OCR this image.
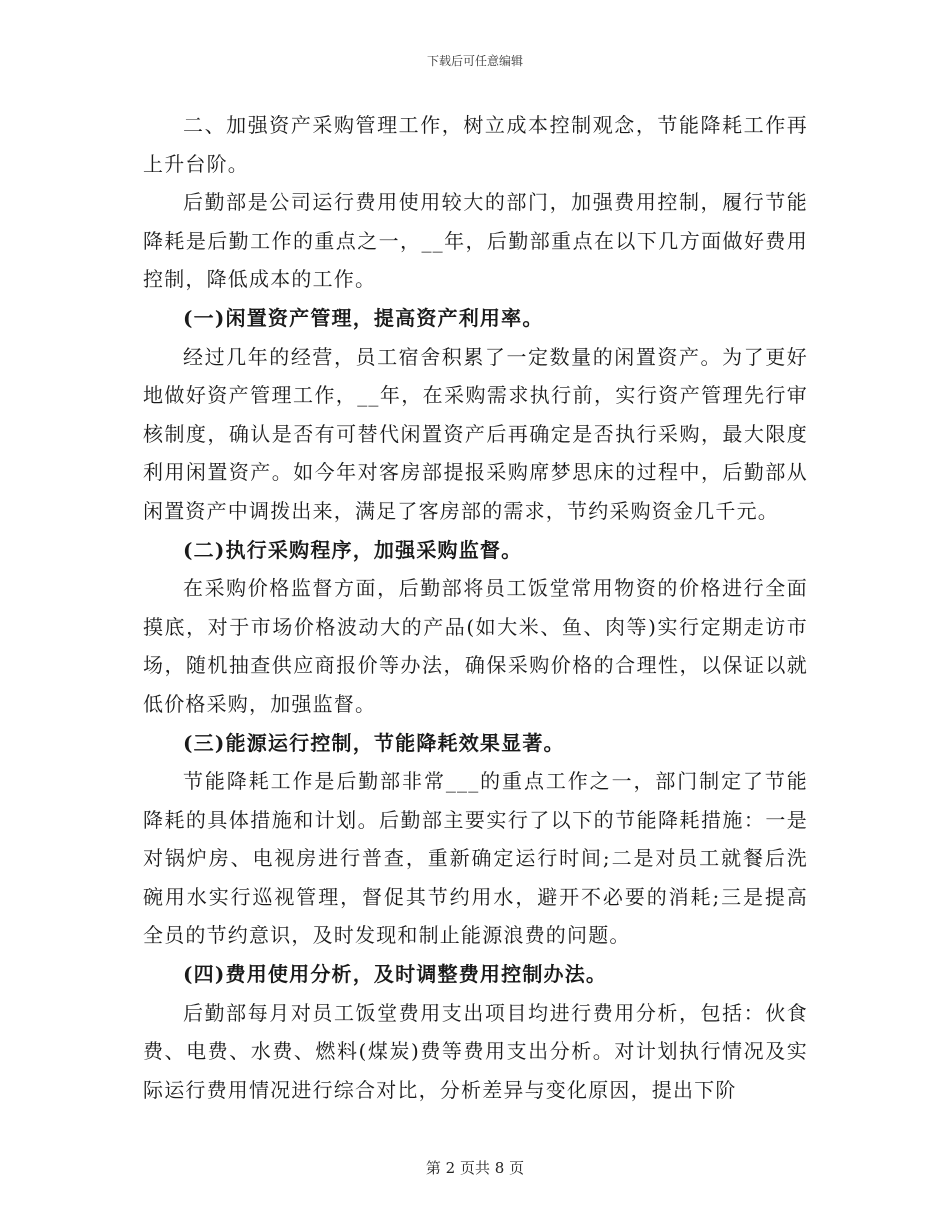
下载后可任意编辑

二、加强资产采购管理工作，树立成本控制观念，节能降耗工作再上升台阶。

后勤部是公司运行费用使用较大的部门，加强费用控制，履行节能降耗是后勤工作的重点之一，__年，后勤部重点在以下几方面做好费用控制，降低成本的工作。

(一)闲置资产管理，提高资产利用率。

经过几年的经营，员工宿舍积累了一定数量的闲置资产。为了更好地做好资产管理工作，__年，在采购需求执行前，实行资产管理先行审核制度，确认是否有可替代闲置资产后再确定是否执行采购，最大限度利用闲置资产。如今年对客房部提报采购席梦思床的过程中，后勤部从闲置资产中调拨出来，满足了客房部的需求，节约采购资金几千元。

(二)执行采购程序，加强采购监督。

在采购价格监督方面，后勤部将员工饭堂常用物资的价格进行全面摸底，对于市场价格波动大的产品(如大米、鱼、肉等)实行定期走访市场，随机抽查供应商报价等办法，确保采购价格的合理性，以保证以就低价格采购，加强监督。

(三)能源运行控制，节能降耗效果显著。

节能降耗工作是后勤部非常___的重点工作之一，部门制定了节能降耗的具体措施和计划。后勤部主要实行了以下的节能降耗措施：一是对锅炉房、电视房进行普查，重新确定运行时间;二是对员工就餐后洗碗用水实行巡视管理，督促其节约用水，避开不必要的消耗;三是提高全员的节约意识，及时发现和制止能源浪费的问题。

(四)费用使用分析，及时调整费用控制办法。

后勤部每月对员工饭堂费用支出项目均进行费用分析，包括：伙食费、电费、水费、燃料(煤炭)费等费用支出分析。对计划执行情况及实际运行费用情况进行综合对比，分析差异与变化原因，提出下阶

第 2 页共 8 页
